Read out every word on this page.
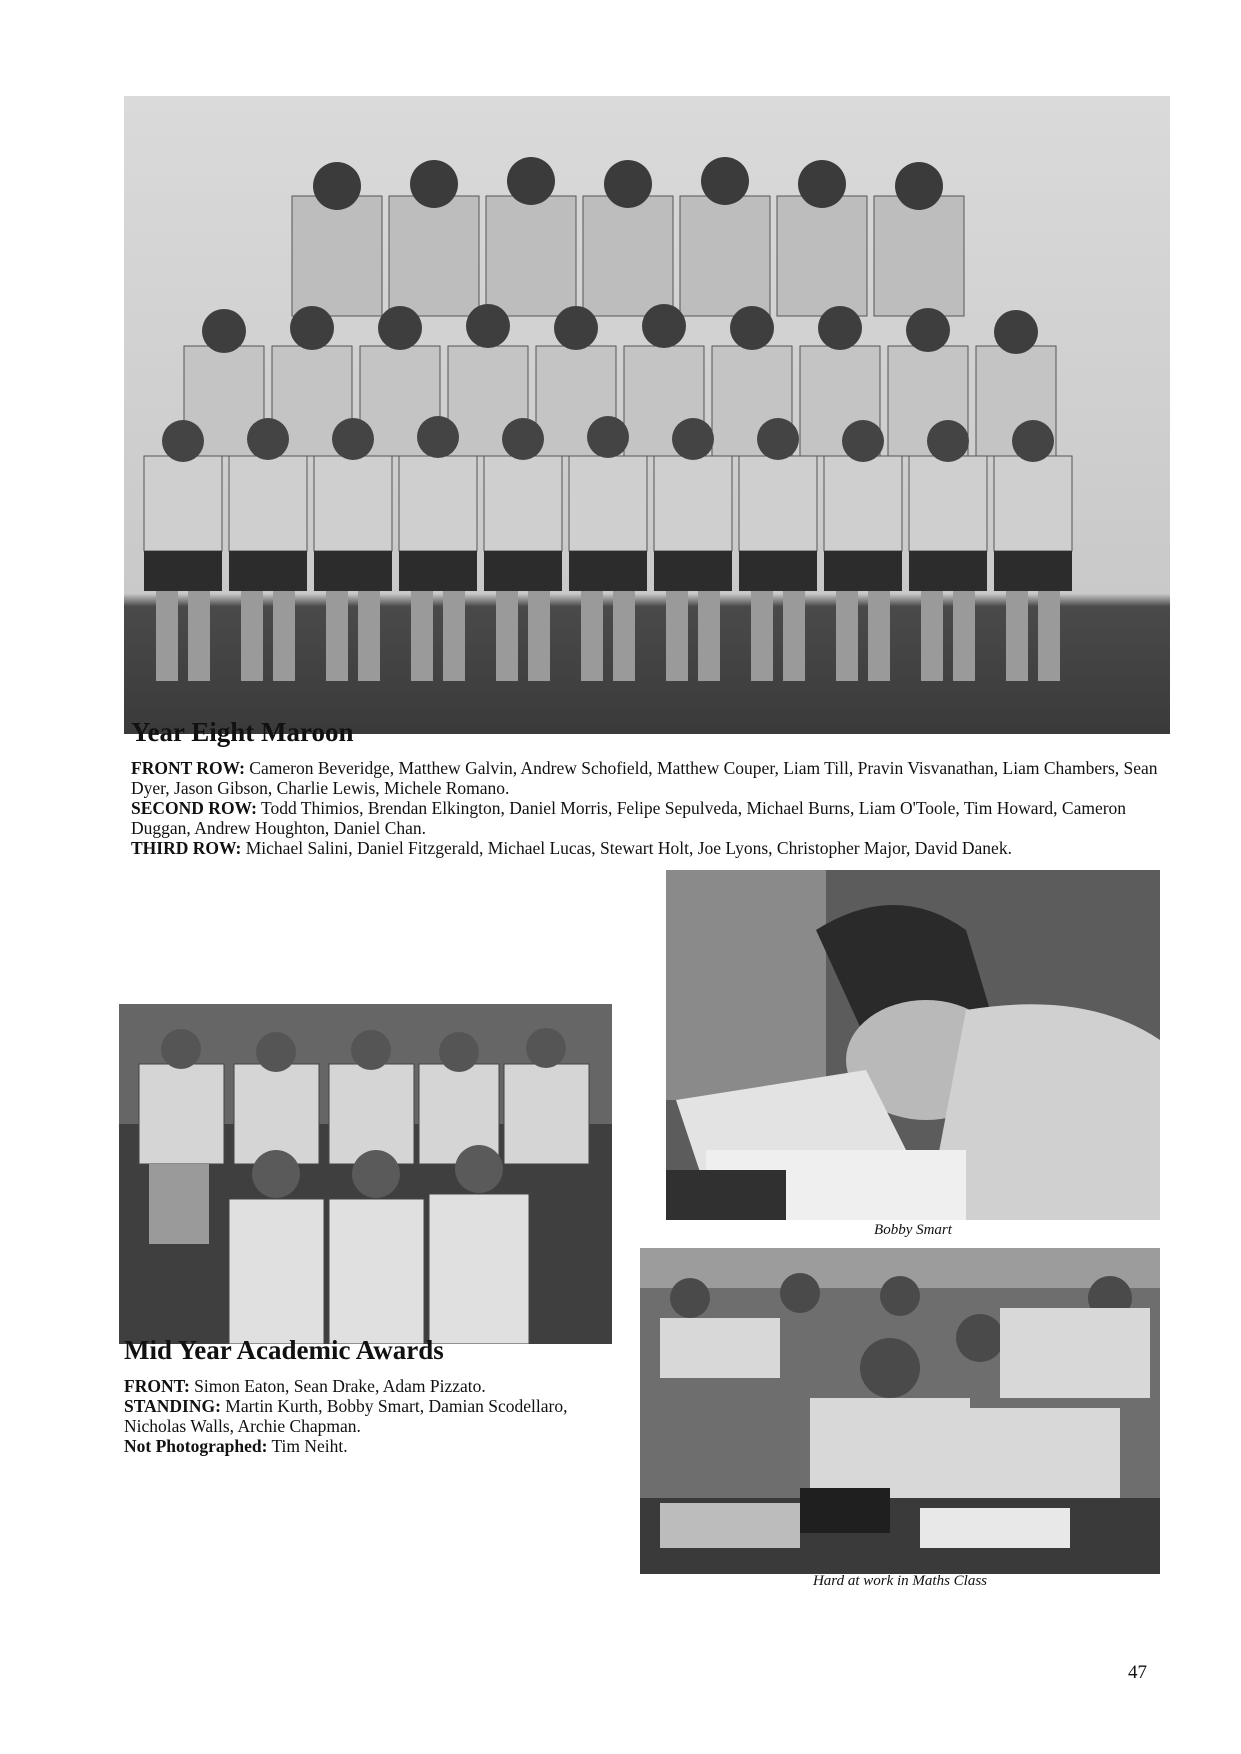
Year Eight Maroon
FRONT ROW: Cameron Beveridge, Matthew Galvin, Andrew Schofield, Matthew Couper, Liam Till, Pravin Visvanathan, Liam Chambers, Sean Dyer, Jason Gibson, Charlie Lewis, Michele Romano.
SECOND ROW: Todd Thimios, Brendan Elkington, Daniel Morris, Felipe Sepulveda, Michael Burns, Liam O'Toole, Tim Howard, Cameron Duggan, Andrew Houghton, Daniel Chan.
THIRD ROW: Michael Salini, Daniel Fitzgerald, Michael Lucas, Stewart Holt, Joe Lyons, Christopher Major, David Danek.
Bobby Smart
Mid Year Academic Awards
FRONT: Simon Eaton, Sean Drake, Adam Pizzato.
STANDING: Martin Kurth, Bobby Smart, Damian Scodellaro, Nicholas Walls, Archie Chapman.
Not Photographed: Tim Neiht.
Hard at work in Maths Class
47
